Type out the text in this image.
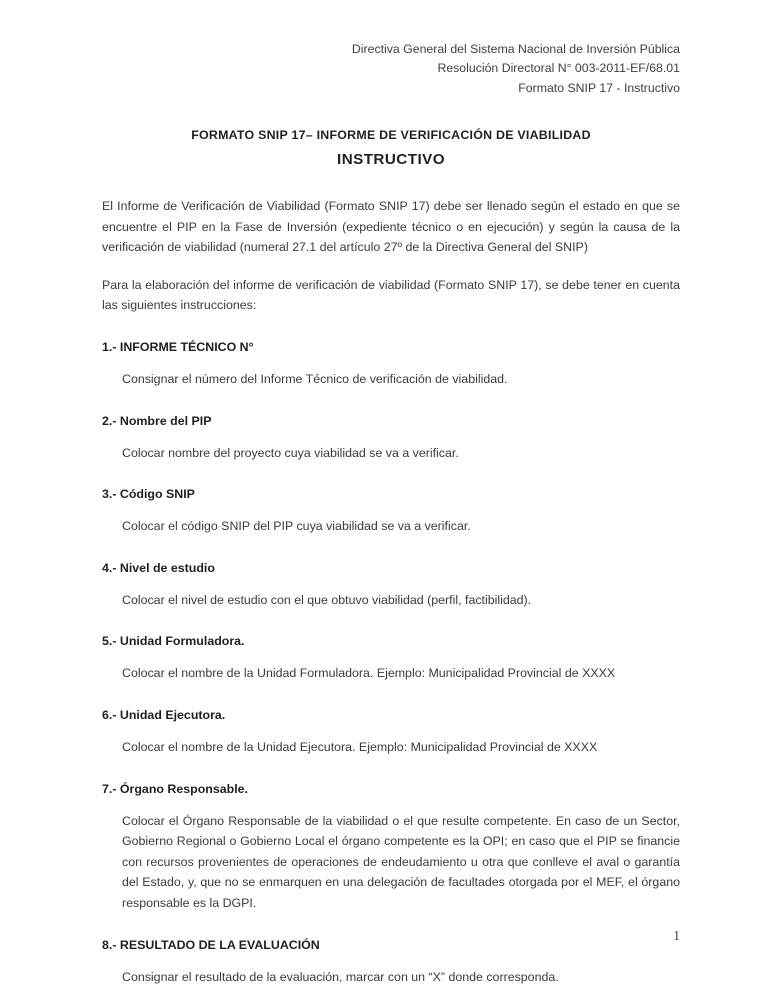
Directiva General del Sistema Nacional de Inversión Pública
Resolución Directoral N° 003-2011-EF/68.01
Formato SNIP 17 - Instructivo
FORMATO SNIP 17– INFORME DE VERIFICACIÓN DE VIABILIDAD
INSTRUCTIVO

El Informe de Verificación de Viabilidad (Formato SNIP 17) debe ser llenado según el estado en que se encuentre el PIP en la Fase de Inversión (expediente técnico o en ejecución) y según la causa de la verificación de viabilidad (numeral 27.1 del artículo 27º de la Directiva General del SNIP)

Para la elaboración del informe de verificación de viabilidad (Formato SNIP 17), se debe tener en cuenta las siguientes instrucciones:

1.- INFORME TÉCNICO N°

Consignar el número del Informe Técnico de verificación de viabilidad.

2.- Nombre del PIP

Colocar nombre del proyecto cuya viabilidad se va a verificar.

3.- Código SNIP

Colocar el código SNIP del PIP cuya viabilidad se va a verificar.

4.- Nivel de estudio

Colocar el nivel de estudio con el que obtuvo viabilidad (perfil, factibilidad).

5.- Unidad Formuladora.

Colocar el nombre de la Unidad Formuladora. Ejemplo: Municipalidad Provincial de XXXX

6.- Unidad Ejecutora.

Colocar el nombre de la Unidad Ejecutora. Ejemplo: Municipalidad Provincial de XXXX

7.- Órgano Responsable.

Colocar el Órgano Responsable de la viabilidad o el que resulte competente. En caso de un Sector, Gobierno Regional o Gobierno Local el órgano competente es la OPI; en caso que el PIP se financie con recursos provenientes de operaciones de endeudamiento u otra que conlleve el aval o garantía del Estado, y, que no se enmarquen en una delegación de facultades otorgada por el MEF, el órgano responsable es la DGPI.

8.- RESULTADO DE LA EVALUACIÓN

Consignar el resultado de la evaluación, marcar con un “X” donde corresponda.

1
